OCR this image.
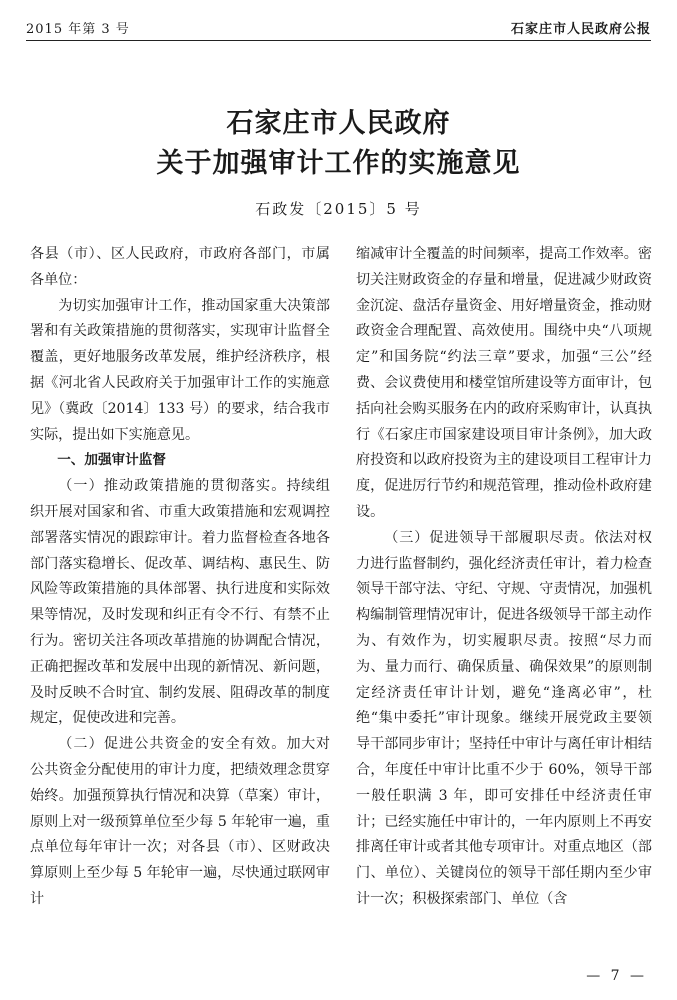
2015 年第 3 号	石家庄市人民政府公报
石家庄市人民政府
关于加强审计工作的实施意见
石政发〔2015〕5 号

各县（市）、区人民政府，市政府各部门，市属各单位：

为切实加强审计工作，推动国家重大决策部署和有关政策措施的贯彻落实，实现审计监督全覆盖，更好地服务改革发展，维护经济秩序，根据《河北省人民政府关于加强审计工作的实施意见》（冀政〔2014〕133 号）的要求，结合我市实际，提出如下实施意见。

一、加强审计监督

（一）推动政策措施的贯彻落实。持续组织开展对国家和省、市重大政策措施和宏观调控部署落实情况的跟踪审计。着力监督检查各地各部门落实稳增长、促改革、调结构、惠民生、防风险等政策措施的具体部署、执行进度和实际效果等情况，及时发现和纠正有令不行、有禁不止行为。密切关注各项改革措施的协调配合情况，正确把握改革和发展中出现的新情况、新问题，及时反映不合时宜、制约发展、阻碍改革的制度规定，促使改进和完善。

（二）促进公共资金的安全有效。加大对公共资金分配使用的审计力度，把绩效理念贯穿始终。加强预算执行情况和决算（草案）审计，原则上对一级预算单位至少每 5 年轮审一遍，重点单位每年审计一次；对各县（市）、区财政决算原则上至少每 5 年轮审一遍，尽快通过联网审计

缩减审计全覆盖的时间频率，提高工作效率。密切关注财政资金的存量和增量，促进减少财政资金沉淀、盘活存量资金、用好增量资金，推动财政资金合理配置、高效使用。围绕中央“八项规定”和国务院“约法三章”要求，加强“三公”经费、会议费使用和楼堂馆所建设等方面审计，包括向社会购买服务在内的政府采购审计，认真执行《石家庄市国家建设项目审计条例》，加大政府投资和以政府投资为主的建设项目工程审计力度，促进厉行节约和规范管理，推动俭朴政府建设。

（三）促进领导干部履职尽责。依法对权力进行监督制约，强化经济责任审计，着力检查领导干部守法、守纪、守规、守责情况，加强机构编制管理情况审计，促进各级领导干部主动作为、有效作为，切实履职尽责。按照“尽力而为、量力而行、确保质量、确保效果”的原则制定经济责任审计计划，避免“逢离必审”，杜绝“集中委托”审计现象。继续开展党政主要领导干部同步审计；坚持任中审计与离任审计相结合，年度任中审计比重不少于 60%，领导干部一般任职满 3 年，即可安排任中经济责任审计；已经实施任中审计的，一年内原则上不再安排离任审计或者其他专项审计。对重点地区（部门、单位）、关键岗位的领导干部任期内至少审计一次；积极探索部门、单位（含

— 7 —
